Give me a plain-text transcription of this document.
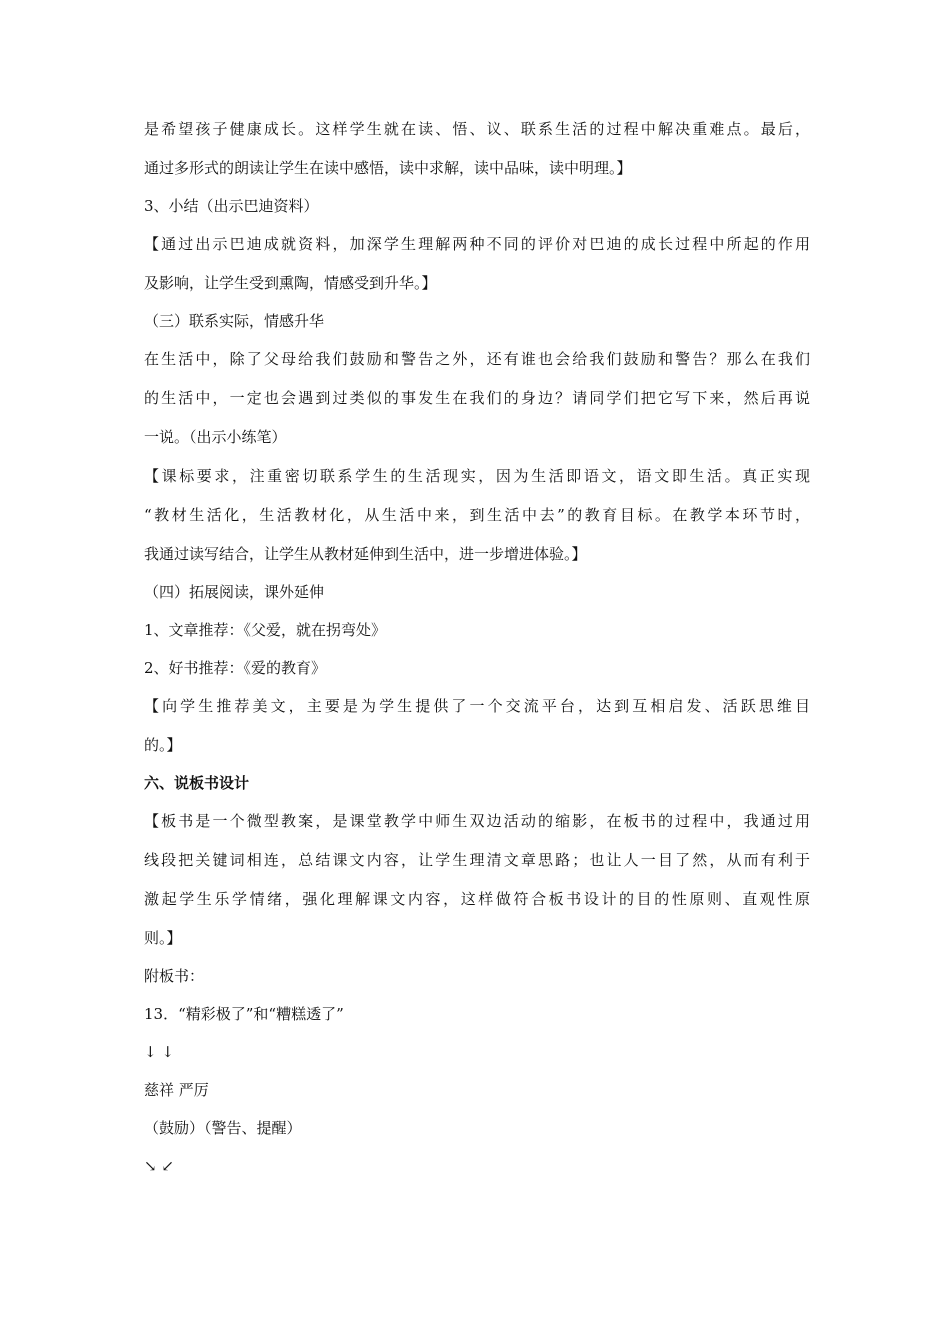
是希望孩子健康成长。这样学生就在读、悟、议、联系生活的过程中解决重难点。最后，

通过多形式的朗读让学生在读中感悟，读中求解，读中品味，读中明理。】

3、小结（出示巴迪资料）

【通过出示巴迪成就资料，加深学生理解两种不同的评价对巴迪的成长过程中所起的作用

及影响，让学生受到熏陶，情感受到升华。】

（三）联系实际，情感升华

在生活中，除了父母给我们鼓励和警告之外，还有谁也会给我们鼓励和警告？那么在我们

的生活中，一定也会遇到过类似的事发生在我们的身边？请同学们把它写下来，然后再说

一说。（出示小练笔）

【课标要求，注重密切联系学生的生活现实，因为生活即语文，语文即生活。真正实现

“教材生活化，生活教材化，从生活中来，到生活中去”的教育目标。在教学本环节时，

我通过读写结合，让学生从教材延伸到生活中，进一步增进体验。】

（四）拓展阅读，课外延伸

1、文章推荐：《父爱，就在拐弯处》

2、好书推荐：《爱的教育》

【向学生推荐美文，主要是为学生提供了一个交流平台，达到互相启发、活跃思维目

的。】

六、说板书设计

【板书是一个微型教案，是课堂教学中师生双边活动的缩影，在板书的过程中，我通过用

线段把关键词相连，总结课文内容，让学生理清文章思路；也让人一目了然，从而有利于

激起学生乐学情绪，强化理解课文内容，这样做符合板书设计的目的性原则、直观性原

则。】

附板书：

13．“精彩极了”和“糟糕透了”

↓ ↓

慈祥 严厉

（鼓励）（警告、提醒）

↘ ↙
